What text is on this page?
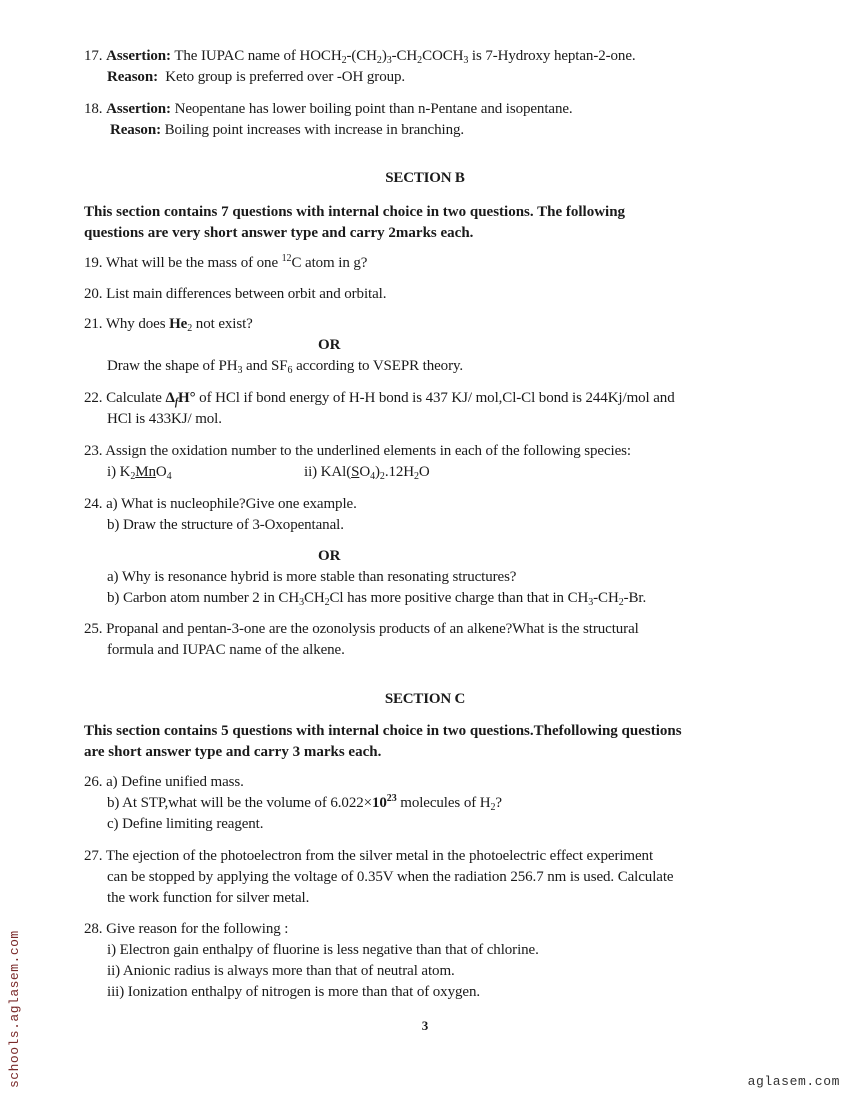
17. Assertion: The IUPAC name of $HOCH_2-(CH_2)_3-CH_2COCH_3$ is 7-Hydroxy heptan-2-one.
Reason: Keto group is preferred over -OH group.
18. Assertion: Neopentane has lower boiling point than n-Pentane and isopentane.
Reason: Boiling point increases with increase in branching.
SECTION B
This section contains 7 questions with internal choice in two questions. The following
questions are very short answer type and carry 2marks each.
19. What will be the mass of one $^{12}$C atom in g?
20. List main differences between orbit and orbital.
21. Why does $He_2$ not exist?
OR
Draw the shape of $PH_3$ and $SF_6$ according to VSEPR theory.
22. Calculate $\Delta_fH^\circ$ of HCl if bond energy of H-H bond is 437 KJ/ mol,Cl-Cl bond is 244Kj/mol and
HCl is 433KJ/ mol.
23. Assign the oxidation number to the underlined elements in each of the following species:
i) $K_2MnO_4$	ii) $KAl(SO_4)_2.12H_2O$
24. a) What is nucleophile?Give one example.
b) Draw the structure of 3-Oxopentanal.
OR
a) Why is resonance hybrid is more stable than resonating structures?
b) Carbon atom number 2 in $CH_3CH_2Cl$ has more positive charge than that in $CH_3-CH_2-Br$.
25. Propanal and pentan-3-one are the ozonolysis products of an alkene?What is the structural
formula and IUPAC name of the alkene.
SECTION C
This section contains 5 questions with internal choice in two questions.Thefollowing questions
are short answer type and carry 3 marks each.
26. a) Define unified mass.
b) At STP,what will be the volume of $6.022\times 10^{23}$ molecules of $H_2$?
c) Define limiting reagent.
27. The ejection of the photoelectron from the silver metal in the photoelectric effect experiment
can be stopped by applying the voltage of 0.35V when the radiation 256.7 nm is used. Calculate
the work function for silver metal.
28. Give reason for the following :
i) Electron gain enthalpy of fluorine is less negative than that of chlorine.
ii) Anionic radius is always more than that of neutral atom.
iii) Ionization enthalpy of nitrogen is more than that of oxygen.
3
schools.aglasem.com	aglasem.com
